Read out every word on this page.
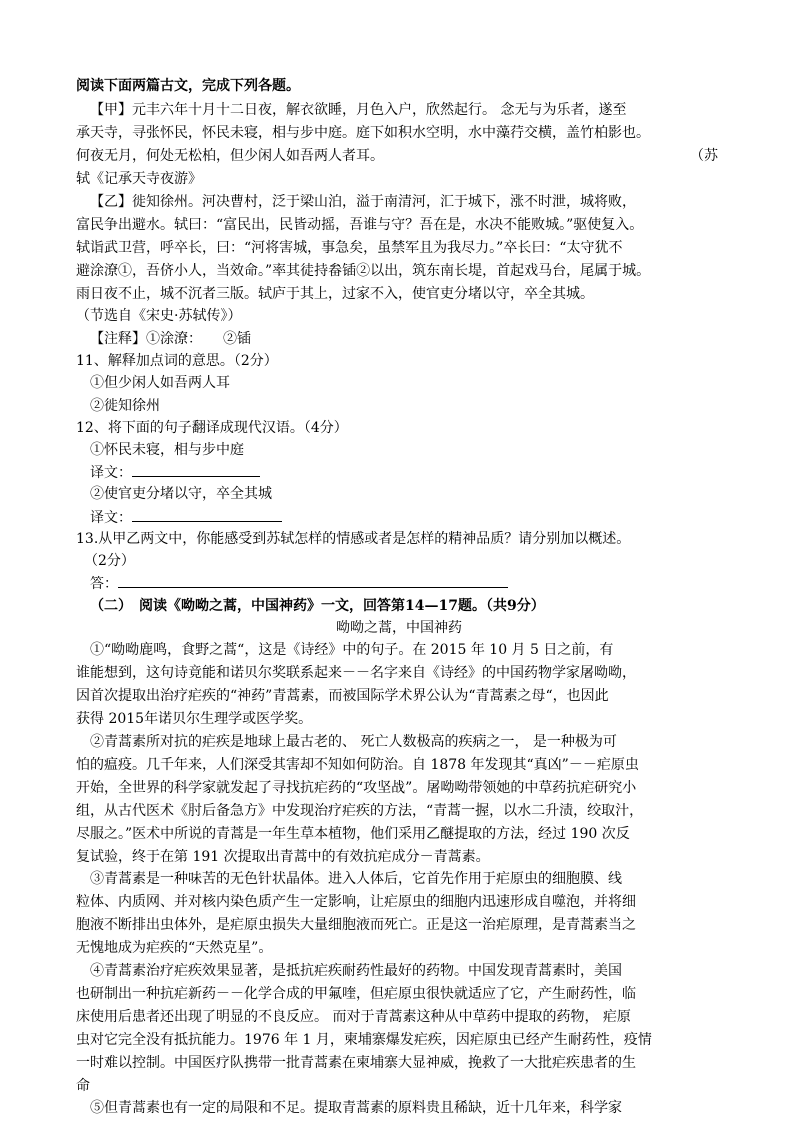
阅读下面两篇古文，完成下列各题。
【甲】元丰六年十月十二日夜，解衣欲睡，月色入户，欣然起行。 念无与为乐者，遂至
承天寺，寻张怀民，怀民未寝，相与步中庭。庭下如积水空明，水中藻荇交横，盖竹柏影也。
何夜无月，何处无松柏，但少闲人如吾两人者耳。	（苏
轼《记承天寺夜游》
【乙】徙知徐州。河决曹村，泛于梁山泊，溢于南清河，汇于城下，涨不时泄，城将败，
富民争出避水。轼曰：“富民出，民皆动摇，吾谁与守？吾在是，水决不能败城。”驱使复入。
轼诣武卫营，呼卒长，曰：“河将害城，事急矣，虽禁军且为我尽力。”卒长曰：“太守犹不
避涂潦①，吾侪小人，当效命。”率其徒持畚锸②以出，筑东南长堤，首起戏马台，尾属于城。
雨日夜不止，城不沉者三版。轼庐于其上，过家不入，使官吏分堵以守，卒全其城。
（节选自《宋史·苏轼传》）
【注释】①涂潦：　　②锸
11、解释加点词的意思。（2分）
①但少闲人如吾两人耳
②徙知徐州
12、将下面的句子翻译成现代汉语。（4分）
①怀民未寝，相与步中庭
译文：
②使官吏分堵以守，卒全其城
译文：
13.从甲乙两文中，你能感受到苏轼怎样的情感或者是怎样的精神品质？请分别加以概述。
（2分）
答：
（二）　阅读《呦呦之蒿，中国神药》一文，回答第14—17题。（共9分）
呦呦之蒿，中国神药
①“呦呦鹿鸣，食野之蒿“，这是《诗经》中的句子。在 2015 年 10 月 5 日之前，有
谁能想到，这句诗竟能和诺贝尔奖联系起来－－名字来自《诗经》的中国药物学家屠呦呦，
因首次提取出治疗疟疾的“神药”青蒿素，而被国际学术界公认为“青蒿素之母“，也因此
获得 2015年诺贝尔生理学或医学奖。
②青蒿素所对抗的疟疾是地球上最古老的、 死亡人数极高的疾病之一， 是一种极为可
怕的瘟疫。几千年来，人们深受其害却不知如何防治。自 1878 年发现其“真凶”－－疟原虫
开始，全世界的科学家就发起了寻找抗疟药的“攻坚战”。屠呦呦带领她的中草药抗疟研究小
组，从古代医术《肘后备急方》中发现治疗疟疾的方法，“青蒿一握，以水二升渍，绞取汁，
尽服之。”医术中所说的青蒿是一年生草本植物，他们采用乙醚提取的方法，经过 190 次反
复试验，终于在第 191 次提取出青蒿中的有效抗疟成分－青蒿素。
③青蒿素是一种味苦的无色针状晶体。进入人体后，它首先作用于疟原虫的细胞膜、线
粒体、内质网、并对核内染色质产生一定影响，让疟原虫的细胞内迅速形成自噬泡，并将细
胞液不断排出虫体外，是疟原虫损失大量细胞液而死亡。正是这一治疟原理，是青蒿素当之
无愧地成为疟疾的“天然克星”。
④青蒿素治疗疟疾效果显著，是抵抗疟疾耐药性最好的药物。中国发现青蒿素时，美国
也研制出一种抗疟新药－－化学合成的甲氟喹，但疟原虫很快就适应了它，产生耐药性，临
床使用后患者还出现了明显的不良反应。 而对于青蒿素这种从中草药中提取的药物， 疟原
虫对它完全没有抵抗能力。1976 年 1 月，柬埔寨爆发疟疾，因疟原虫已经产生耐药性，疫情
一时难以控制。中国医疗队携带一批青蒿素在柬埔寨大显神威，挽救了一大批疟疾患者的生
命
⑤但青蒿素也有一定的局限和不足。提取青蒿素的原料贵且稀缺，近十几年来，科学家
